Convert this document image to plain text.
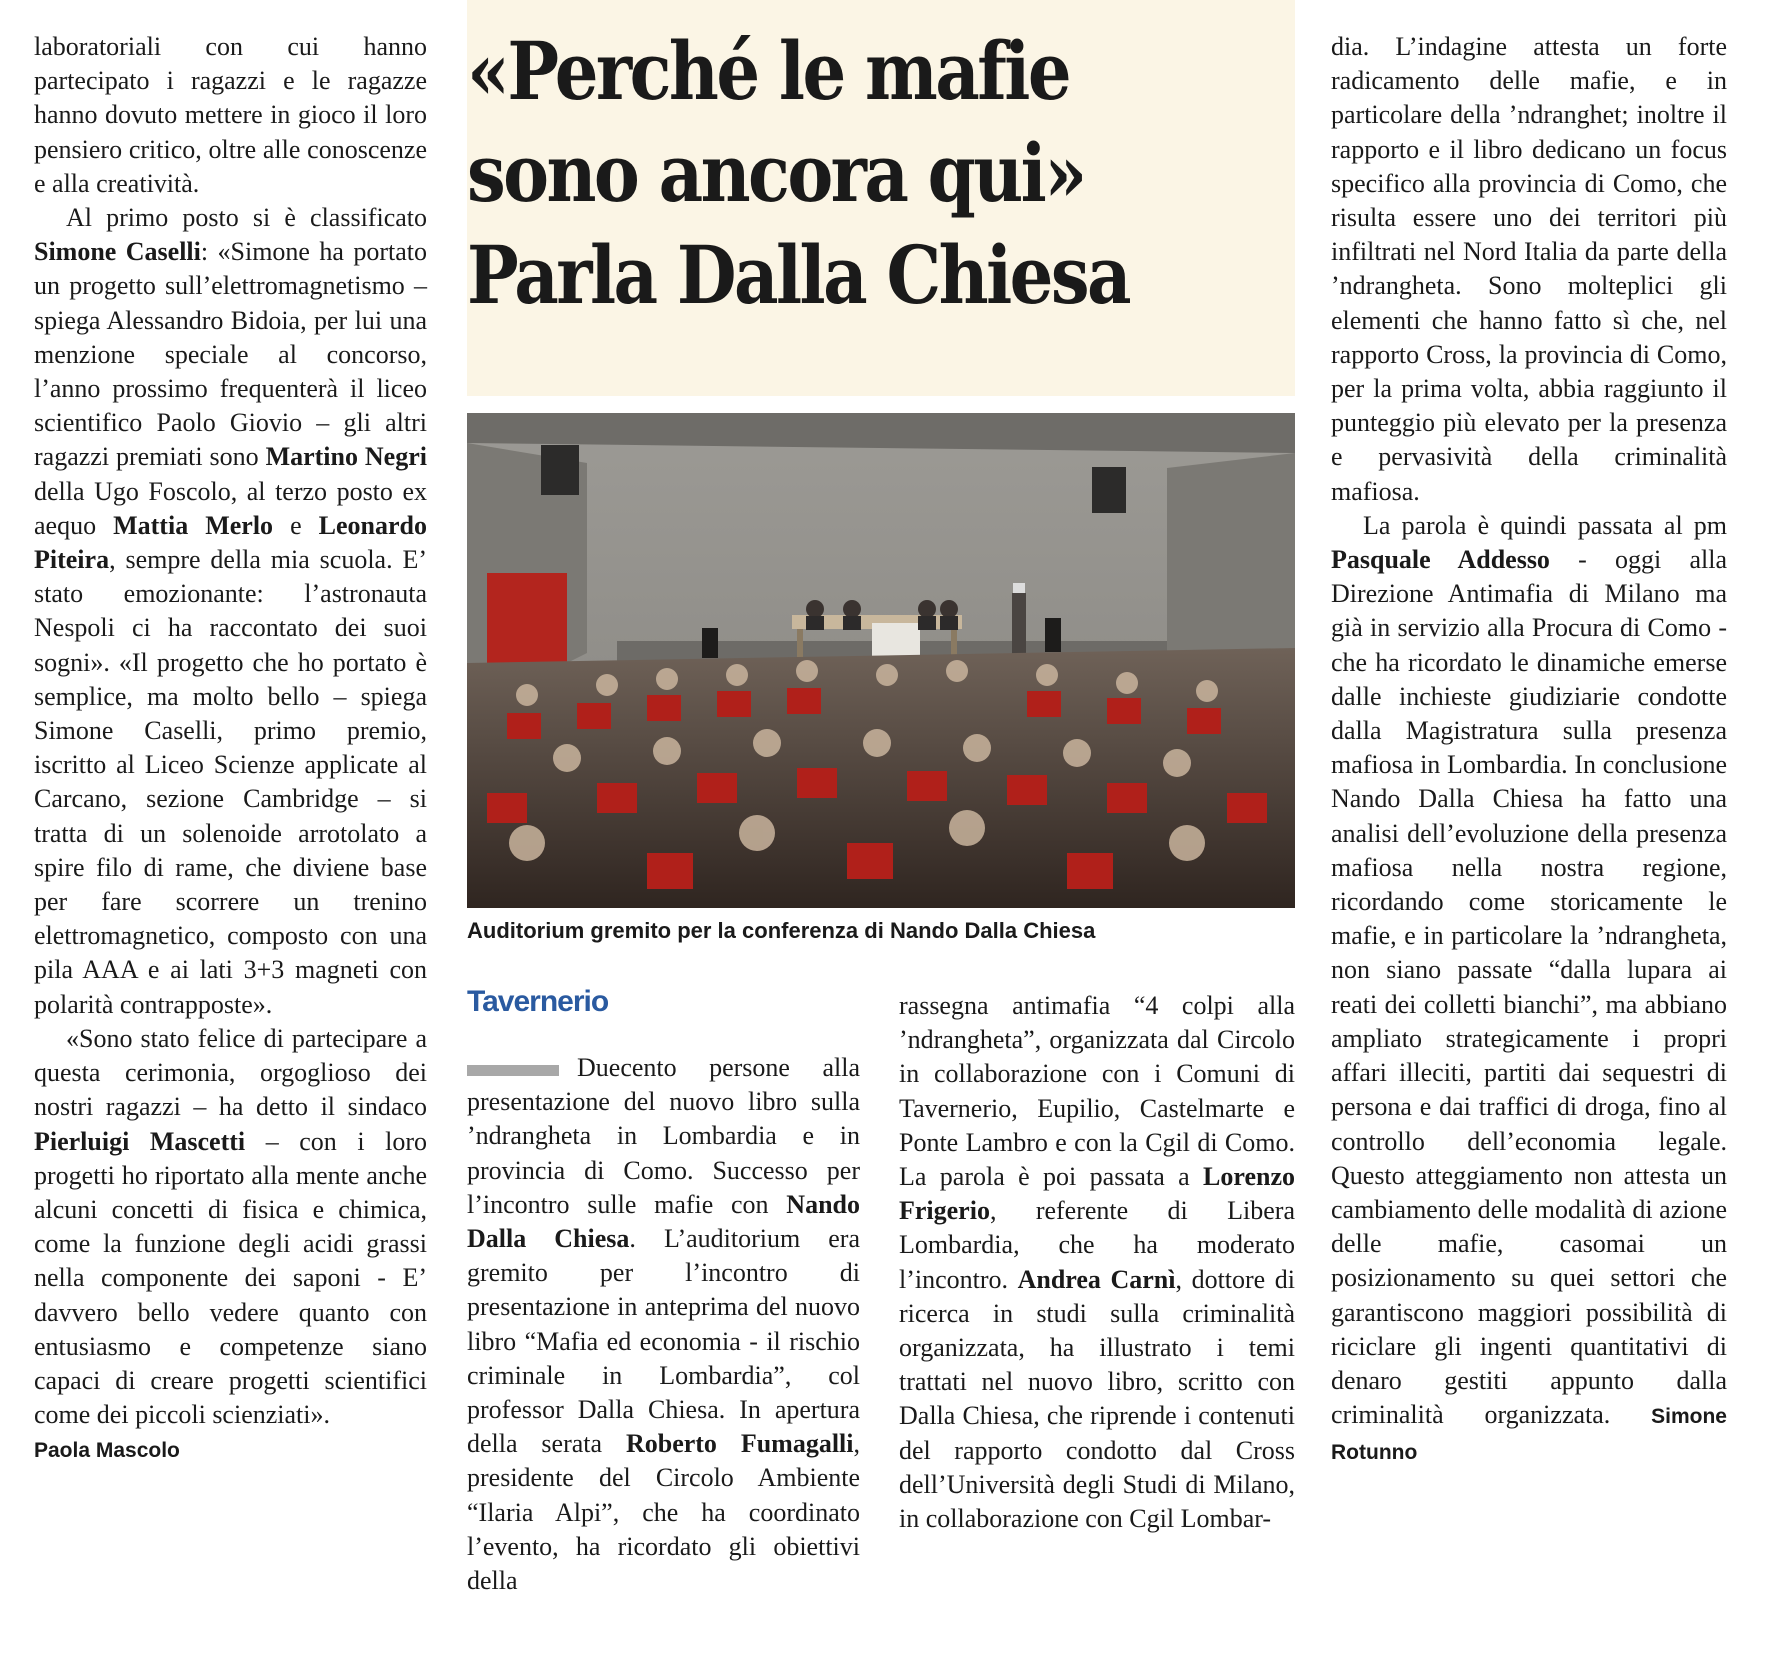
laboratoriali con cui hanno partecipato i ragazzi e le ragazze hanno dovuto mettere in gioco il loro pensiero critico, oltre alle conoscenze e alla creatività.

Al primo posto si è classificato Simone Caselli: «Simone ha portato un progetto sull’elettromagnetismo – spiega Alessandro Bidoia, per lui una menzione speciale al concorso, l’anno prossimo frequenterà il liceo scientifico Paolo Giovio – gli altri ragazzi premiati sono Martino Negri della Ugo Foscolo, al terzo posto ex aequo Mattia Merlo e Leonardo Piteira, sempre della mia scuola. E’ stato emozionante: l’astronauta Nespoli ci ha raccontato dei suoi sogni». «Il progetto che ho portato è semplice, ma molto bello – spiega Simone Caselli, primo premio, iscritto al Liceo Scienze applicate al Carcano, sezione Cambridge – si tratta di un solenoide arrotolato a spire filo di rame, che diviene base per fare scorrere un trenino elettromagnetico, composto con una pila AAA e ai lati 3+3 magneti con polarità contrapposte».

«Sono stato felice di partecipare a questa cerimonia, orgoglioso dei nostri ragazzi – ha detto il sindaco Pierluigi Mascetti – con i loro progetti ho riportato alla mente anche alcuni concetti di fisica e chimica, come la funzione degli acidi grassi nella componente dei saponi - E’ davvero bello vedere quanto con entusiasmo e competenze siano capaci di creare progetti scientifici come dei piccoli scienziati».

Paola Mascolo

«Perché le mafie
sono ancora qui»
Parla Dalla Chiesa

Auditorium gremito per la conferenza di Nando Dalla Chiesa

Tavernerio

Duecento persone alla presentazione del nuovo libro sulla ’ndrangheta in Lombardia e in provincia di Como. Successo per l’incontro sulle mafie con Nando Dalla Chiesa. L’auditorium era gremito per l’incontro di presentazione in anteprima del nuovo libro “Mafia ed economia - il rischio criminale in Lombardia”, col professor Dalla Chiesa. In apertura della serata Roberto Fumagalli, presidente del Circolo Ambiente “Ilaria Alpi”, che ha coordinato l’evento, ha ricordato gli obiettivi della

rassegna antimafia “4 colpi alla ’ndrangheta”, organizzata dal Circolo in collaborazione con i Comuni di Tavernerio, Eupilio, Castelmarte e Ponte Lambro e con la Cgil di Como. La parola è poi passata a Lorenzo Frigerio, referente di Libera Lombardia, che ha moderato l’incontro. Andrea Carnì, dottore di ricerca in studi sulla criminalità organizzata, ha illustrato i temi trattati nel nuovo libro, scritto con Dalla Chiesa, che riprende i contenuti del rapporto condotto dal Cross dell’Università degli Studi di Milano, in collaborazione con Cgil Lombar-

dia. L’indagine attesta un forte radicamento delle mafie, e in particolare della ’ndranghet; inoltre il rapporto e il libro dedicano un focus specifico alla provincia di Como, che risulta essere uno dei territori più infiltrati nel Nord Italia da parte della ’ndrangheta. Sono molteplici gli elementi che hanno fatto sì che, nel rapporto Cross, la provincia di Como, per la prima volta, abbia raggiunto il punteggio più elevato per la presenza e pervasività della criminalità mafiosa.

La parola è quindi passata al pm Pasquale Addesso - oggi alla Direzione Antimafia di Milano ma già in servizio alla Procura di Como - che ha ricordato le dinamiche emerse dalle inchieste giudiziarie condotte dalla Magistratura sulla presenza mafiosa in Lombardia. In conclusione Nando Dalla Chiesa ha fatto una analisi dell’evoluzione della presenza mafiosa nella nostra regione, ricordando come storicamente le mafie, e in particolare la ’ndrangheta, non siano passate “dalla lupara ai reati dei colletti bianchi”, ma abbiano ampliato strategicamente i propri affari illeciti, partiti dai sequestri di persona e dai traffici di droga, fino al controllo dell’economia legale. Questo atteggiamento non attesta un cambiamento delle modalità di azione delle mafie, casomai un posizionamento su quei settori che garantiscono maggiori possibilità di riciclare gli ingenti quantitativi di denaro gestiti appunto dalla criminalità organizzata. Simone Rotunno
